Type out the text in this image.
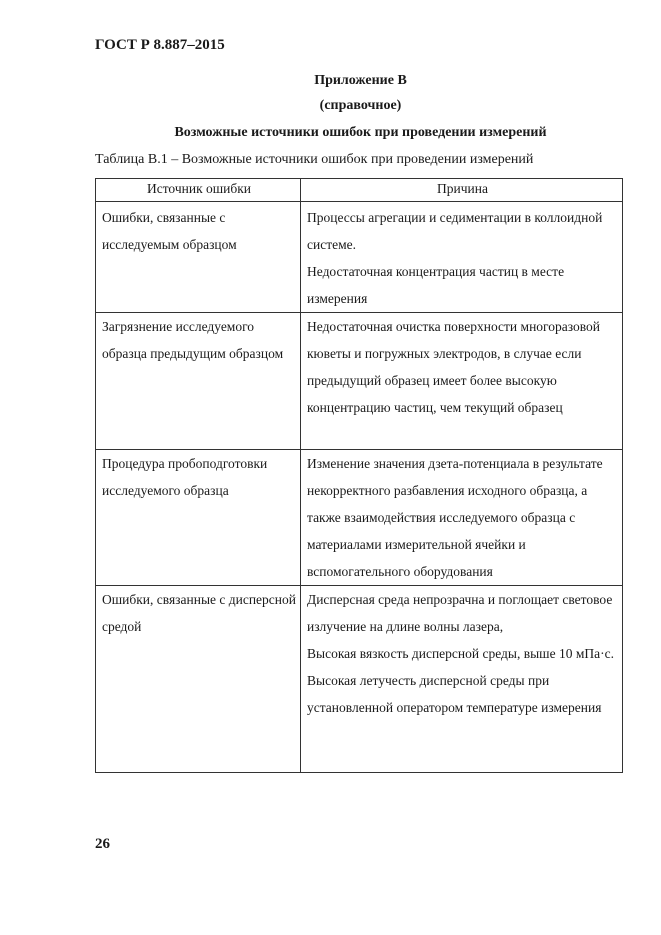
ГОСТ Р 8.887–2015
Приложение В
(справочное)
Возможные источники ошибок при проведении измерений
Таблица В.1 – Возможные источники ошибок при проведении измерений
Источник ошибки	Причина
Ошибки, связанные с исследуемым образцом	Процессы агрегации и седиментации в коллоидной системе.

Недостаточная концентрация частиц в месте измерения

Загрязнение исследуемого образца предыдущим образцом	Недостаточная очистка поверхности многоразовой кюветы и погружных электродов, в случае если предыдущий образец имеет более высокую концентрацию частиц, чем текущий образец

Процедура пробоподготовки исследуемого образца	Изменение значения дзета-потенциала в результате некорректного разбавления исходного образца, а также взаимодействия исследуемого образца с материалами измерительной ячейки и вспомогательного оборудования

Ошибки, связанные с дисперсной средой	Дисперсная среда непрозрачна и поглощает световое излучение на длине волны лазера,

Высокая вязкость дисперсной среды, выше 10 мПа·с.

Высокая летучесть дисперсной среды при установленной оператором температуре измерения

26
